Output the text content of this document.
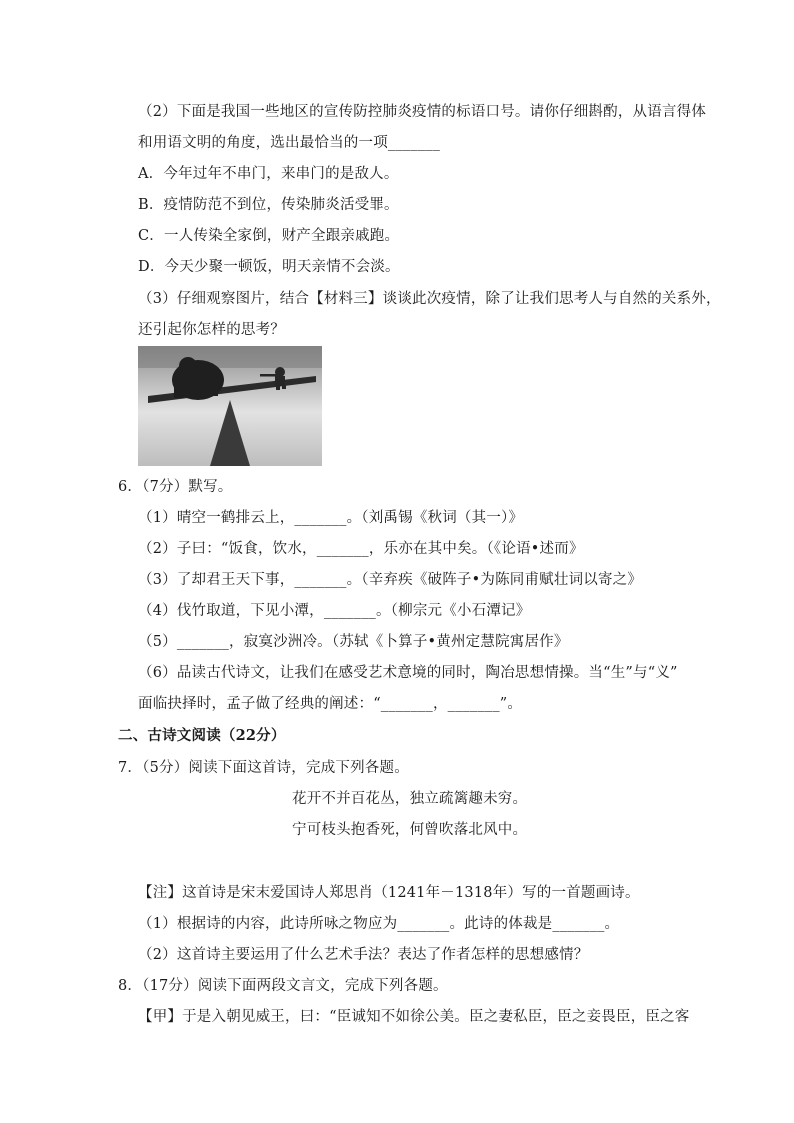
（2）下面是我国一些地区的宣传防控肺炎疫情的标语口号。请你仔细斟酌，从语言得体
和用语文明的角度，选出最恰当的一项_______
A．今年过年不串门，来串门的是敌人。
B．疫情防范不到位，传染肺炎活受罪。
C．一人传染全家倒，财产全跟亲戚跑。
D．今天少聚一顿饭，明天亲情不会淡。
（3）仔细观察图片，结合【材料三】谈谈此次疫情，除了让我们思考人与自然的关系外，
还引起你怎样的思考？
6．（7分）默写。
（1）晴空一鹤排云上，_______。（刘禹锡《秋词（其一）》
（2）子曰：“饭食，饮水，_______，乐亦在其中矣。（《论语•述而》
（3）了却君王天下事，_______。（辛弃疾《破阵子•为陈同甫赋壮词以寄之》
（4）伐竹取道，下见小潭，_______。（柳宗元《小石潭记》
（5）_______，寂寞沙洲冷。（苏轼《卜算子•黄州定慧院寓居作》
（6）品读古代诗文，让我们在感受艺术意境的同时，陶冶思想情操。当“生”与“义”
面临抉择时，孟子做了经典的阐述：“_______，_______”。
二、古诗文阅读（22分）
7．（5分）阅读下面这首诗，完成下列各题。
花开不并百花丛，独立疏篱趣未穷。
宁可枝头抱香死，何曾吹落北风中。
【注】这首诗是宋末爱国诗人郑思肖（1241年－1318年）写的一首题画诗。
（1）根据诗的内容，此诗所咏之物应为_______。此诗的体裁是_______。
（2）这首诗主要运用了什么艺术手法？表达了作者怎样的思想感情？
8．（17分）阅读下面两段文言文，完成下列各题。
【甲】于是入朝见威王，曰：“臣诚知不如徐公美。臣之妻私臣，臣之妾畏臣，臣之客
